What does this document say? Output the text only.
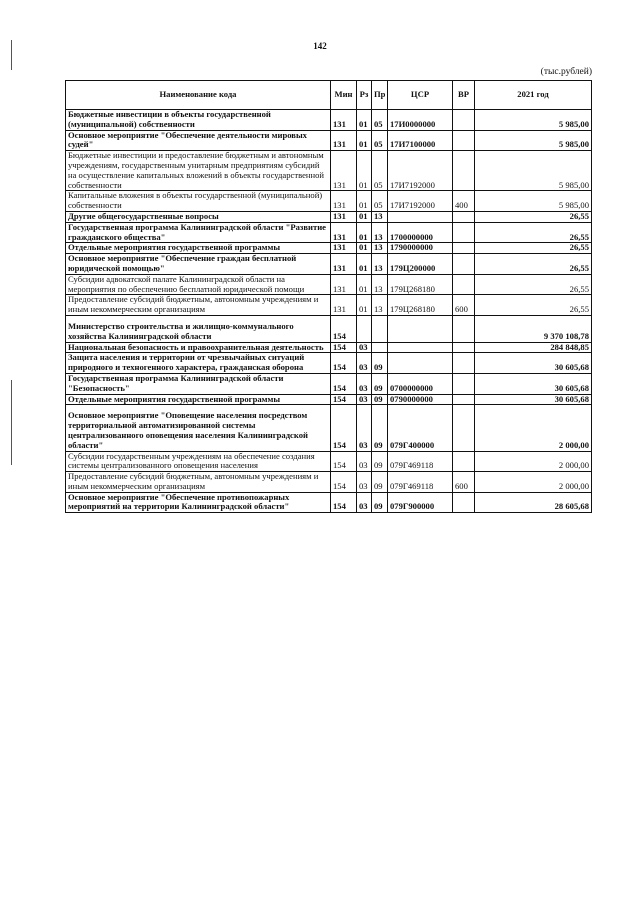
142
(тыс.рублей)
Наименование кода	Мин	Рз	Пр	ЦСР	ВР	2021 год
Бюджетные инвестиции в объекты государственной (муниципальной) собственности	131	01	05	17И0000000		5 985,00
Основное мероприятие "Обеспечение деятельности мировых судей"	131	01	05	17И7100000		5 985,00
Бюджетные инвестиции и предоставление бюджетным и автономным учреждениям, государственным унитарным предприятиям субсидий на осуществление капитальных вложений в объекты государственной собственности	131	01	05	17И7192000		5 985,00
Капитальные вложения в объекты государственной (муниципальной) собственности	131	01	05	17И7192000	400	5 985,00
Другие общегосударственные вопросы	131	01	13			26,55
Государственная программа Калининградской области "Развитие гражданского общества"	131	01	13	1700000000		26,55
Отдельные мероприятия государственной программы	131	01	13	1790000000		26,55
Основное мероприятие "Обеспечение граждан бесплатной юридической помощью"	131	01	13	179Ц200000		26,55
Субсидии адвокатской палате Калининградской области на мероприятия по обеспечению бесплатной юридической помощи	131	01	13	179Ц268180		26,55
Предоставление субсидий бюджетным, автономным учреждениям и иным некоммерческим организациям	131	01	13	179Ц268180	600	26,55
Министерство строительства и жилищно-коммунального хозяйства Калининградской области	154					9 370 108,78
Национальная безопасность и правоохранительная деятельность	154	03				284 848,85
Защита населения и территории от чрезвычайных ситуаций природного и техногенного характера, гражданская оборона	154	03	09			30 605,68
Государственная программа Калининградской области "Безопасность"	154	03	09	0700000000		30 605,68
Отдельные мероприятия государственной программы	154	03	09	0790000000		30 605,68
Основное мероприятие "Оповещение населения посредством территориальной автоматизированной системы централизованного оповещения населения Калининградской области"	154	03	09	079Г400000		2 000,00
Субсидии государственным учреждениям на обеспечение создания системы централизованного оповещения населения	154	03	09	079Г469118		2 000,00
Предоставление субсидий бюджетным, автономным учреждениям и иным некоммерческим организациям	154	03	09	079Г469118	600	2 000,00
Основное мероприятие "Обеспечение противопожарных мероприятий на территории Калининградской области"	154	03	09	079Г900000		28 605,68
